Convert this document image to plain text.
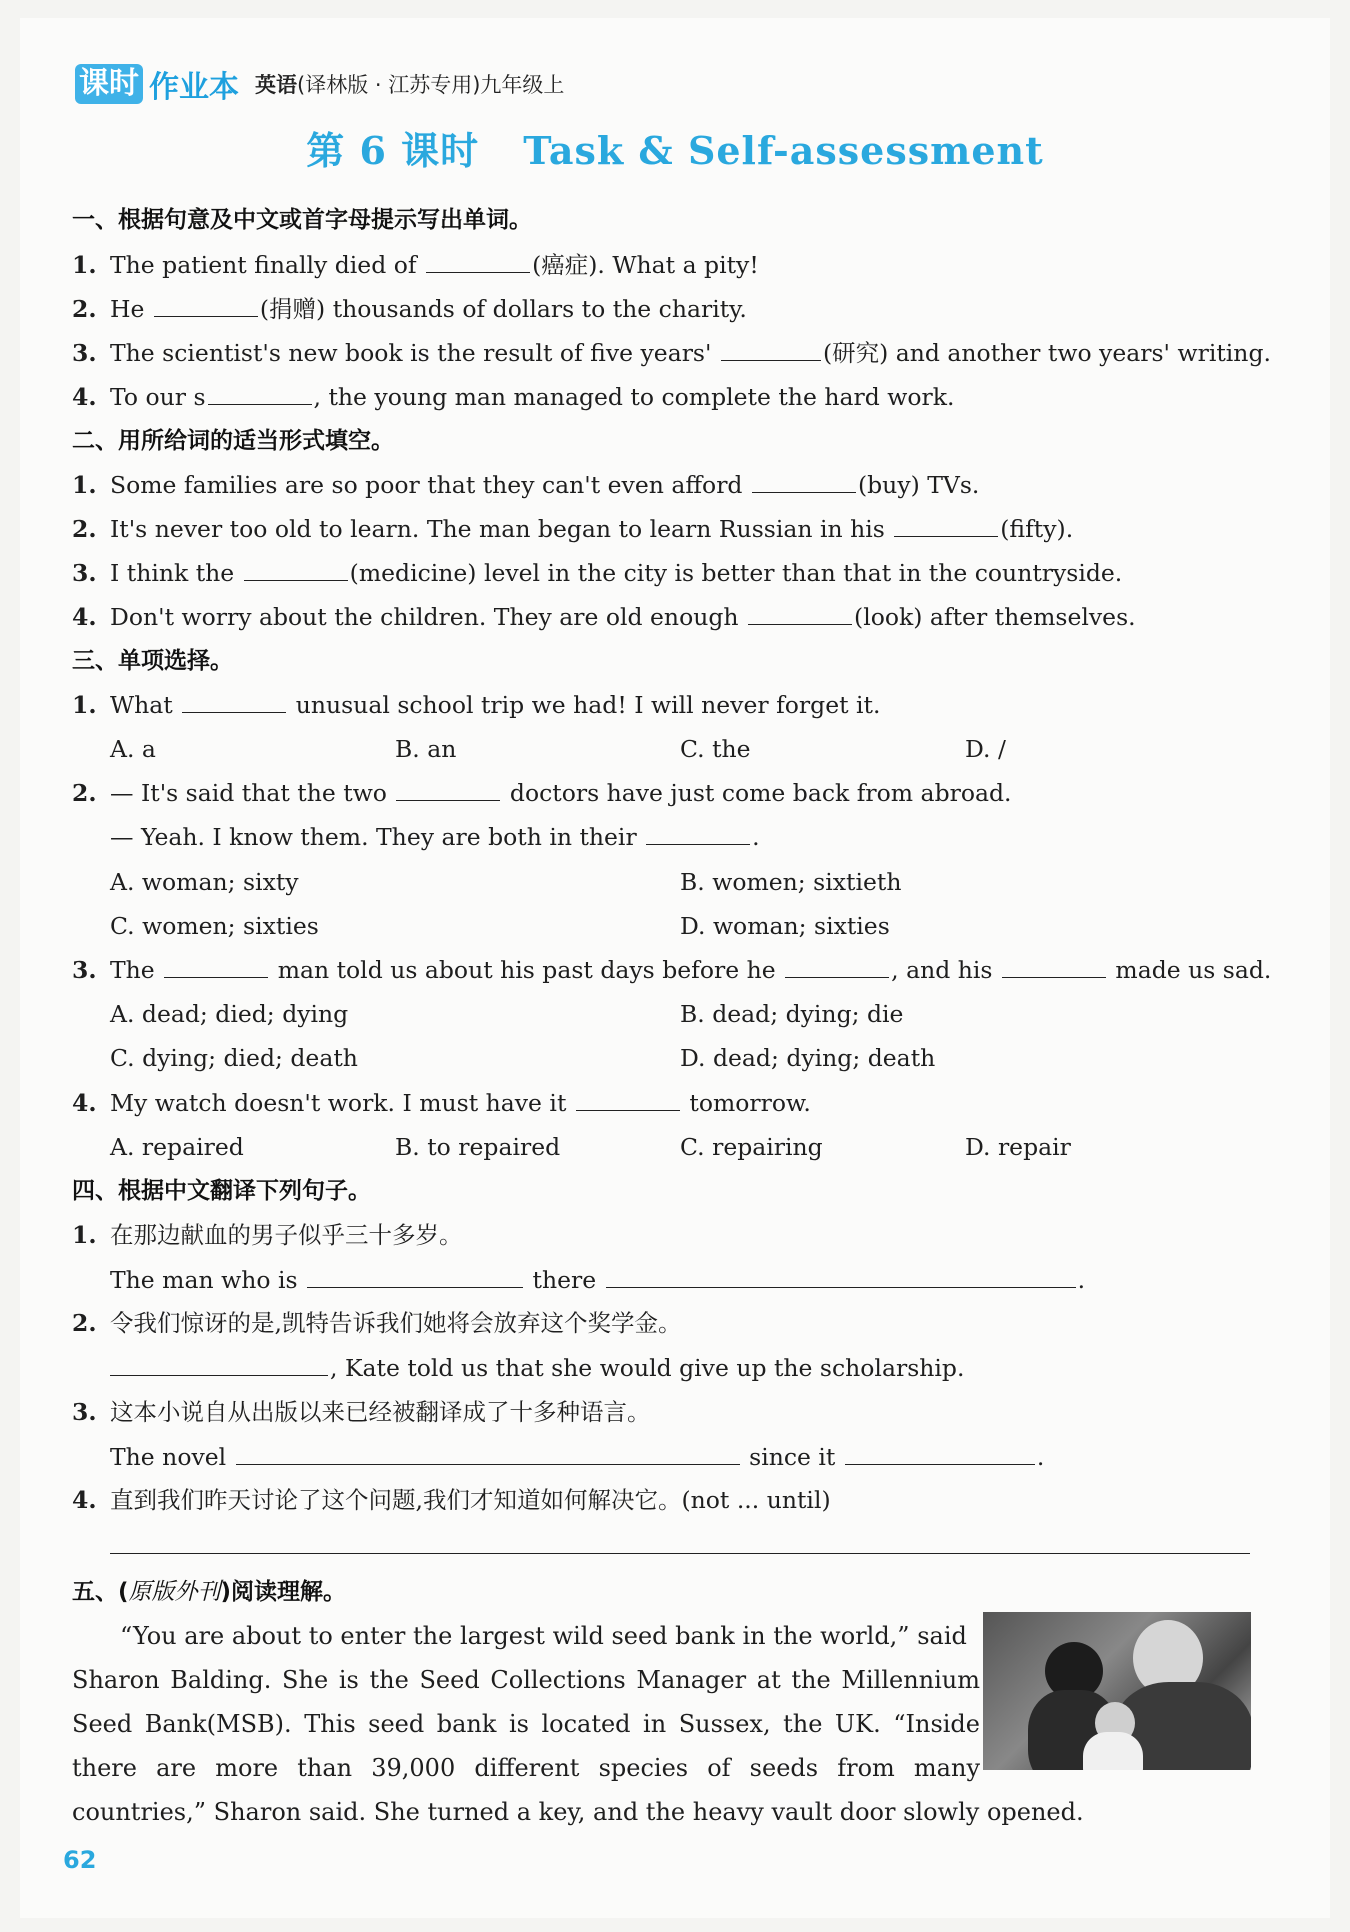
课 时 作业本 英语(译林版 · 江苏专用)九年级上
第 6 课时 Task & Self-assessment
一、根据句意及中文或首字母提示写出单词。
1. The patient finally died of	(癌症). What a pity!
2. He	(捐赠) thousands of dollars to the charity.
3. The scientist's new book is the result of five years'	(研究) and another two years' writing.
4. To our s	, the young man managed to complete the hard work.
二、用所给词的适当形式填空。
1. Some families are so poor that they can't even afford	(buy) TVs.
2. It's never too old to learn. The man began to learn Russian in his	(fifty).
3. I think the	(medicine) level in the city is better than that in the countryside.
4. Don't worry about the children. They are old enough	(look) after themselves.
三、单项选择。
1. What	unusual school trip we had! I will never forget it.
A. a	B. an	C. the	D. /
2. — It's said that the two	doctors have just come back from abroad.
— Yeah. I know them. They are both in their	.
A. woman; sixty	B. women; sixtieth
C. women; sixties	D. woman; sixties
3. The	man told us about his past days before he	, and his	made us sad.
A. dead; died; dying	B. dead; dying; die
C. dying; died; death	D. dead; dying; death
4. My watch doesn't work. I must have it	tomorrow.
A. repaired	B. to repaired	C. repairing	D. repair
四、根据中文翻译下列句子。
1. 在那边献血的男子似乎三十多岁。
The man who is	there	.
2. 令我们惊讶的是,凯特告诉我们她将会放弃这个奖学金。
, Kate told us that she would give up the scholarship.
3. 这本小说自从出版以来已经被翻译成了十多种语言。
The novel	since it	.
4. 直到我们昨天讨论了这个问题,我们才知道如何解决它。(not ... until)
五、(原版外刊)阅读理解。

“You are about to enter the largest wild seed bank in the world,” said

Sharon Balding. She is the Seed Collections Manager at the Millennium
Seed Bank(MSB). This seed bank is located in Sussex, the UK. “Inside
there are more than 39,000 different species of seeds from many
countries,” Sharon said. She turned a key, and the heavy vault door slowly opened.
62
